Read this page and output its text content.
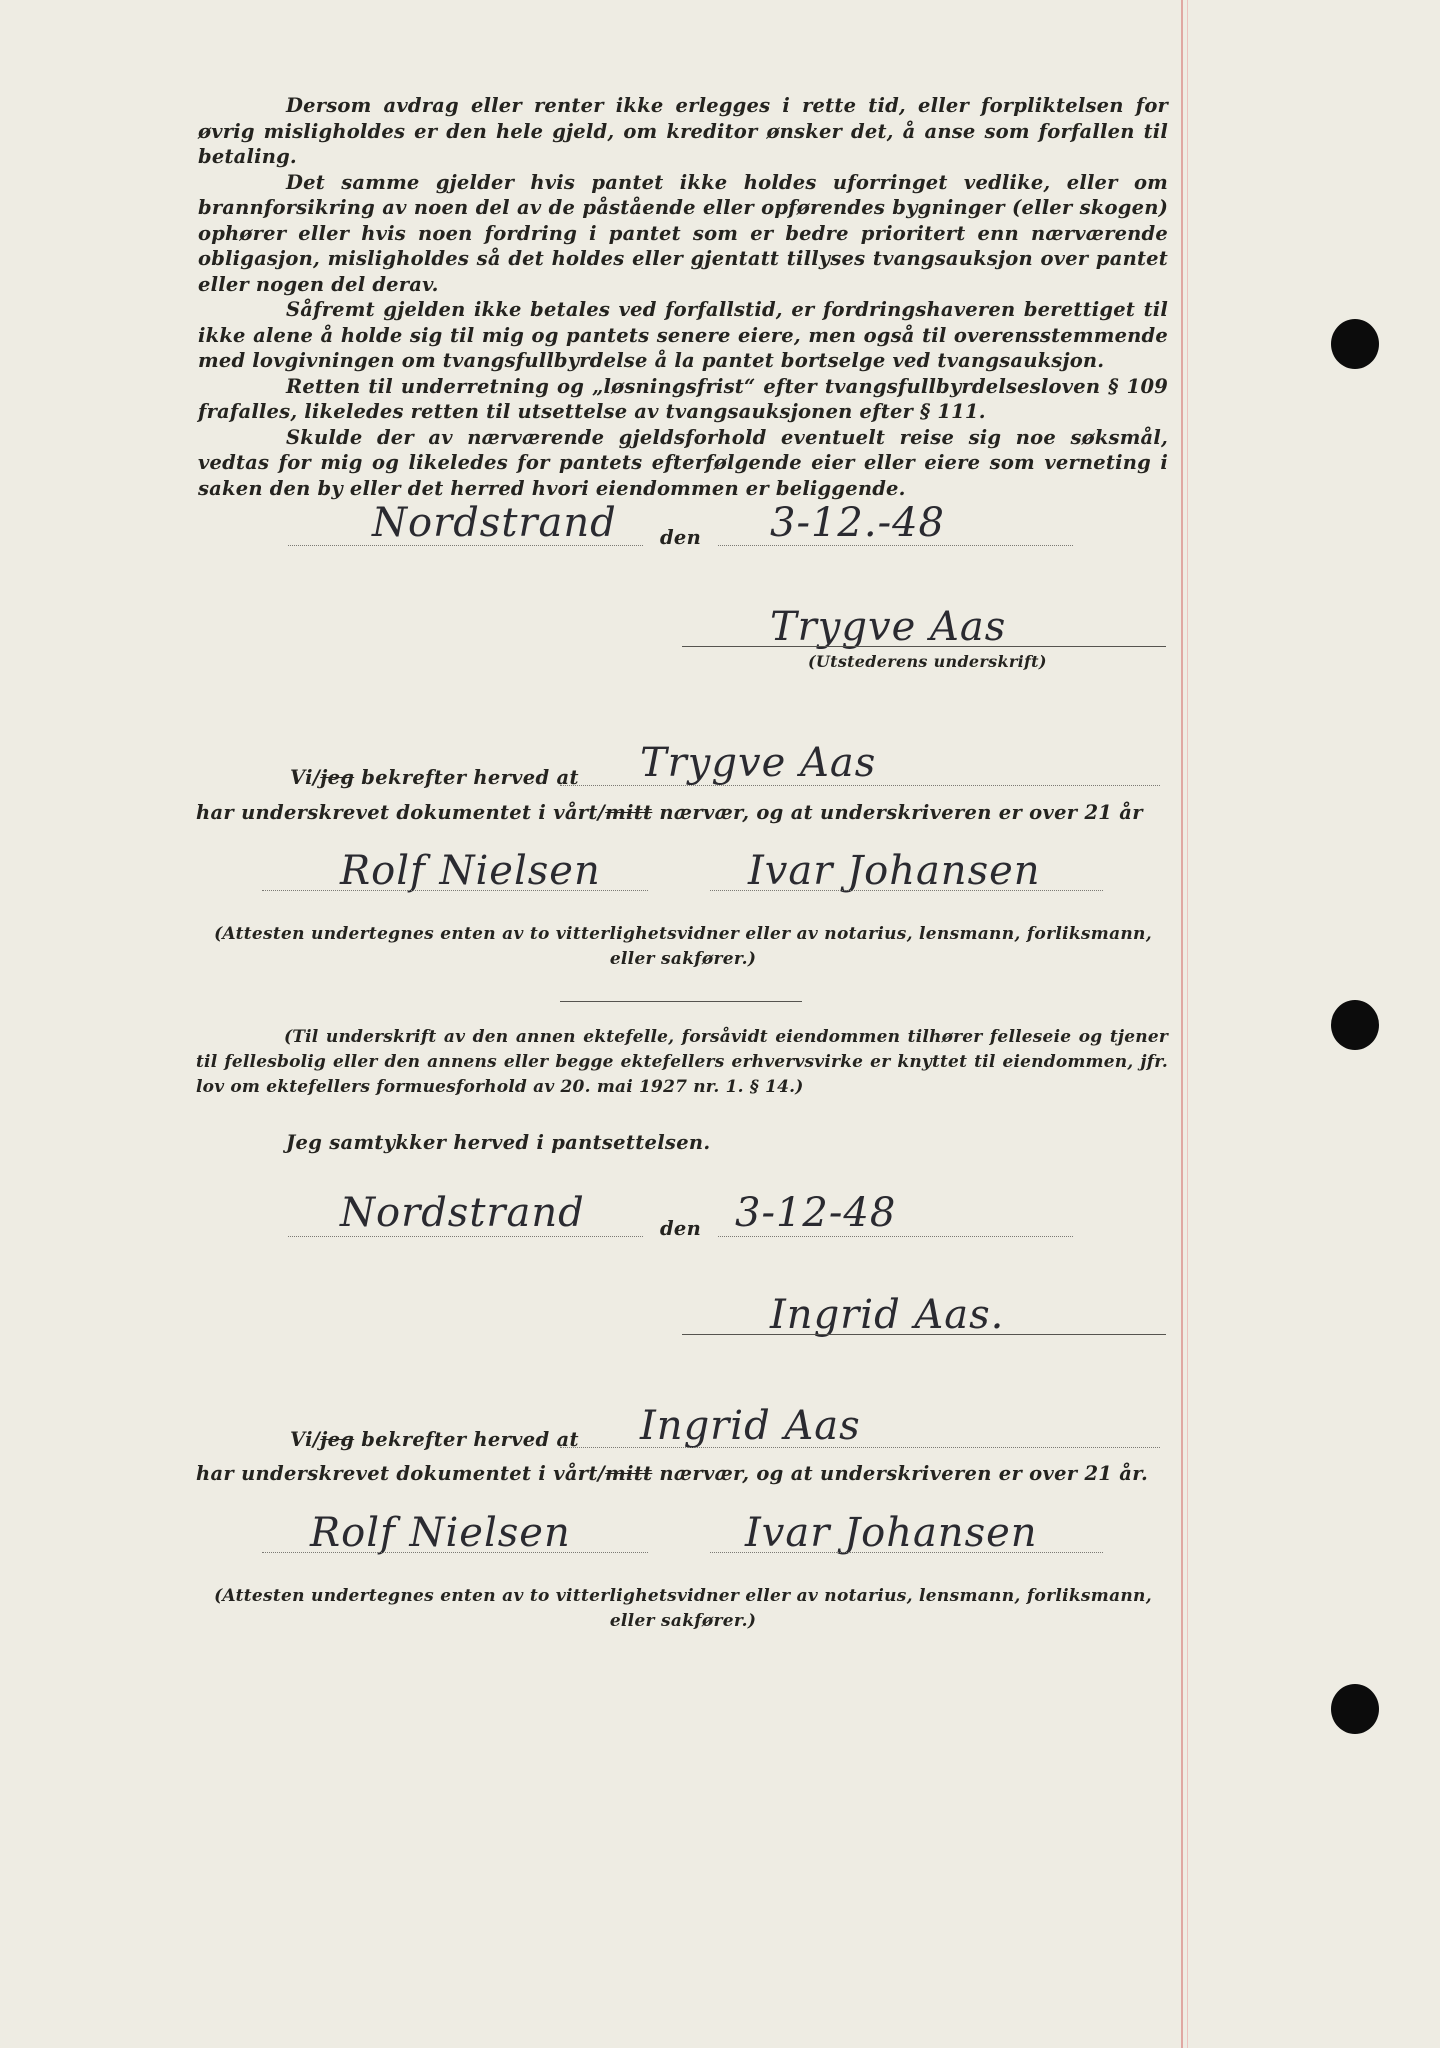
Dersom avdrag eller renter ikke erlegges i rette tid, eller forpliktelsen for øvrig misligholdes er den hele gjeld, om kreditor ønsker det, å anse som forfallen til betaling.

Det samme gjelder hvis pantet ikke holdes uforringet vedlike, eller om brannforsikring av noen del av de påstående eller opførendes bygninger (eller skogen) ophører eller hvis noen fordring i pantet som er bedre prioritert enn nærværende obligasjon, misligholdes så det holdes eller gjentatt tillyses tvangsauksjon over pantet eller nogen del derav.

Såfremt gjelden ikke betales ved forfallstid, er fordringshaveren berettiget til ikke alene å holde sig til mig og pantets senere eiere, men også til overensstemmende med lovgivningen om tvangsfullbyrdelse å la pantet bortselge ved tvangsauksjon.

Retten til underretning og „løsningsfrist“ efter tvangsfullbyrdelsesloven § 109 frafalles, likeledes retten til utsettelse av tvangsauksjonen efter § 111.

Skulde der av nærværende gjeldsforhold eventuelt reise sig noe søksmål, vedtas for mig og likeledes for pantets efterfølgende eier eller eiere som verneting i saken den by eller det herred hvori eiendommen er beliggende.

Nordstrand den 3-12.-48
Trygve Aas
(Utstederens underskrift)
Vi/jeg bekrefter herved at Trygve Aas
har underskrevet dokumentet i vårt/mitt nærvær, og at underskriveren er over 21 år
Rolf Nielsen	Ivar Johansen
(Attesten undertegnes enten av to vitterlighetsvidner eller av notarius, lensmann, forliksmann,
eller sakfører.)

(Til underskrift av den annen ektefelle, forsåvidt eiendommen tilhører felleseie og tjener til fellesbolig eller den annens eller begge ektefellers erhvervsvirke er knyttet til eiendommen, jfr. lov om ektefellers formuesforhold av 20. mai 1927 nr. 1. § 14.)

Jeg samtykker herved i pantsettelsen.
Nordstrand	den 3-12-48
Ingrid Aas.
Vi/jeg bekrefter herved at Ingrid Aas
har underskrevet dokumentet i vårt/mitt nærvær, og at underskriveren er over 21 år.
Rolf Nielsen	Ivar Johansen
(Attesten undertegnes enten av to vitterlighetsvidner eller av notarius, lensmann, forliksmann,
eller sakfører.)
